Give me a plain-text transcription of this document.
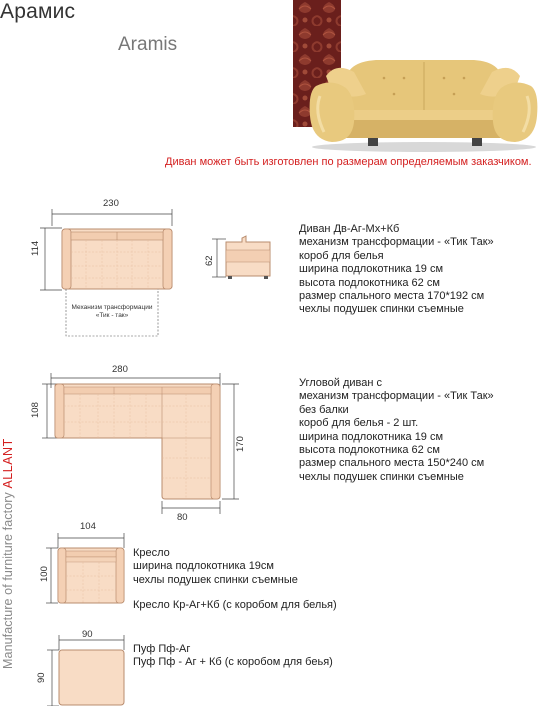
Арамис
Aramis
Диван может быть изготовлен по размерам определяемым заказчиком.
Manufacture of furniture factory ALLANT
230
114
Механизм трансформации
«Тик - так»
62
Диван Дв-Аг-Мх+Кб
механизм трансформации - «Тик Так»
короб для белья
ширина подлокотника 19 см
высота подлокотника 62 см
размер спального места 170*192 см
чехлы подушек спинки съемные
280
108
170
80
Угловой диван с
механизм трансформации - «Тик Так»
без балки
короб для белья - 2 шт.
ширина подлокотника 19 см
высота подлокотника 62 см
размер спального места 150*240 см
чехлы подушек спинки съемные
104
100
Кресло
ширина подлокотника 19см
чехлы подушек спинки съемные
Кресло Кр-Аг+Кб (с коробом для белья)
90
90
Пуф Пф-Аг
Пуф Пф - Аг + Кб (с коробом для беья)
